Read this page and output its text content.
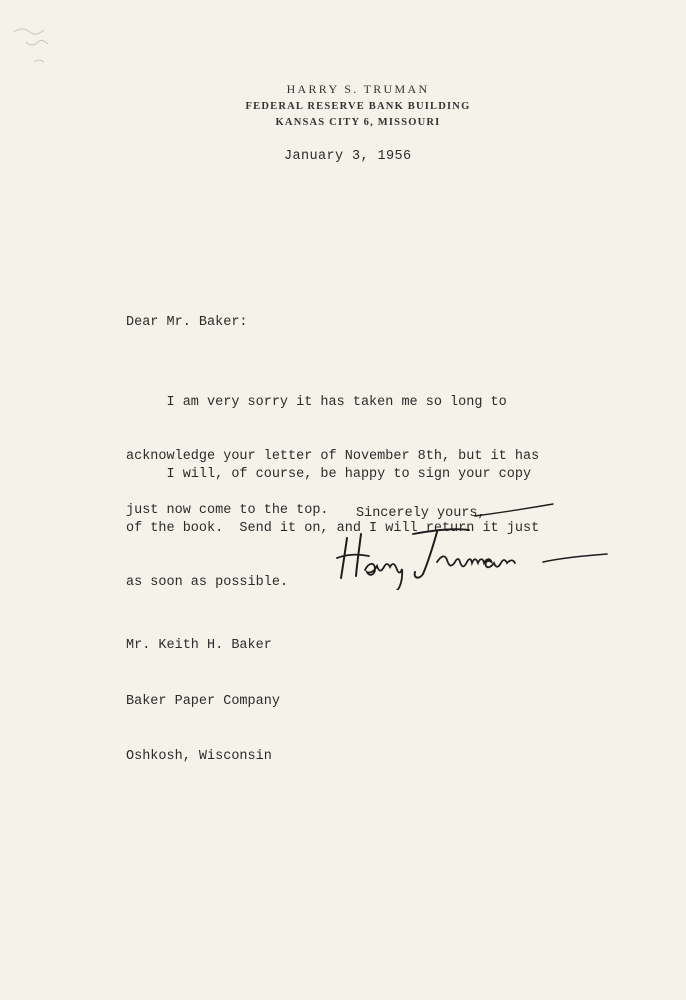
HARRY S. TRUMAN
FEDERAL RESERVE BANK BUILDING
KANSAS CITY 6, MISSOURI
January 3, 1956
Dear Mr. Baker:

I am very sorry it has taken me so long to

acknowledge your letter of November 8th, but it has

just now come to the top.

I will, of course, be happy to sign your copy

of the book.  Send it on, and I will return it just

as soon as possible.

Sincerely yours,

Mr. Keith H. Baker

Baker Paper Company

Oshkosh, Wisconsin
